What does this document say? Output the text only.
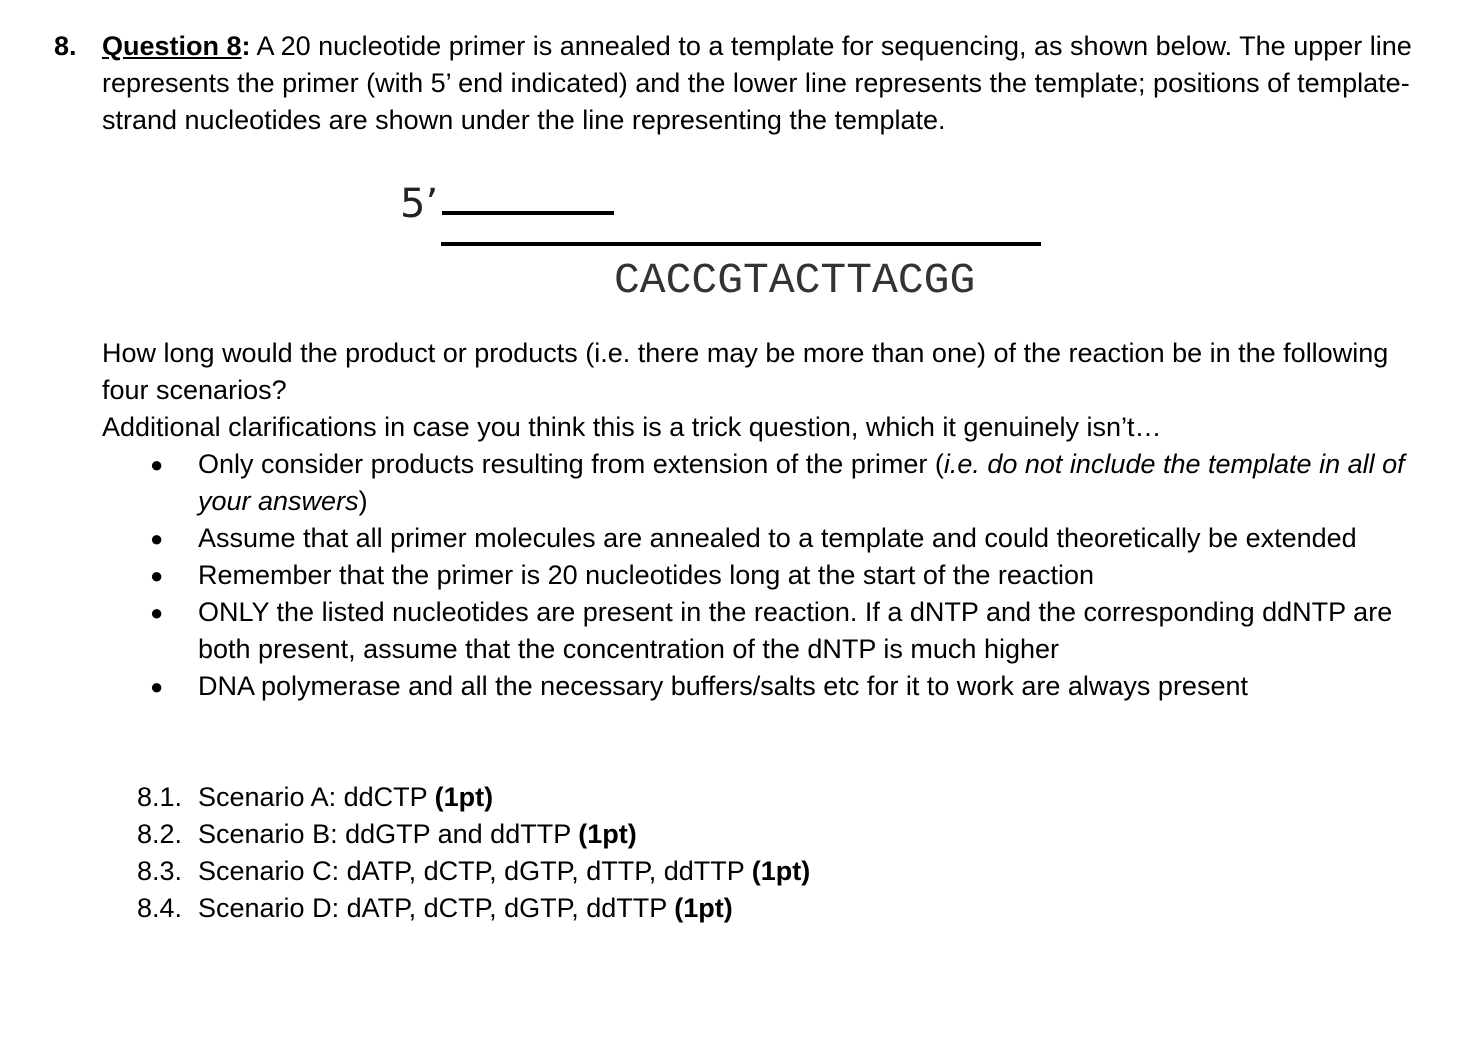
8. Question 8: A 20 nucleotide primer is annealed to a template for sequencing, as shown below. The upper line represents the primer (with 5’ end indicated) and the lower line represents the template; positions of template-strand nucleotides are shown under the line representing the template.
5’
CACCGTACTTACGG

How long would the product or products (i.e. there may be more than one) of the reaction be in the following four scenarios?

Additional clarifications in case you think this is a trick question, which it genuinely isn’t…

● Only consider products resulting from extension of the primer (i.e. do not include the template in all of your answers)
● Assume that all primer molecules are annealed to a template and could theoretically be extended
● Remember that the primer is 20 nucleotides long at the start of the reaction
● ONLY the listed nucleotides are present in the reaction. If a dNTP and the corresponding ddNTP are both present, assume that the concentration of the dNTP is much higher
● DNA polymerase and all the necessary buffers/salts etc for it to work are always present
8.1. Scenario A: ddCTP (1pt)
8.2. Scenario B: ddGTP and ddTTP (1pt)
8.3. Scenario C: dATP, dCTP, dGTP, dTTP, ddTTP (1pt)
8.4. Scenario D: dATP, dCTP, dGTP, ddTTP (1pt)
